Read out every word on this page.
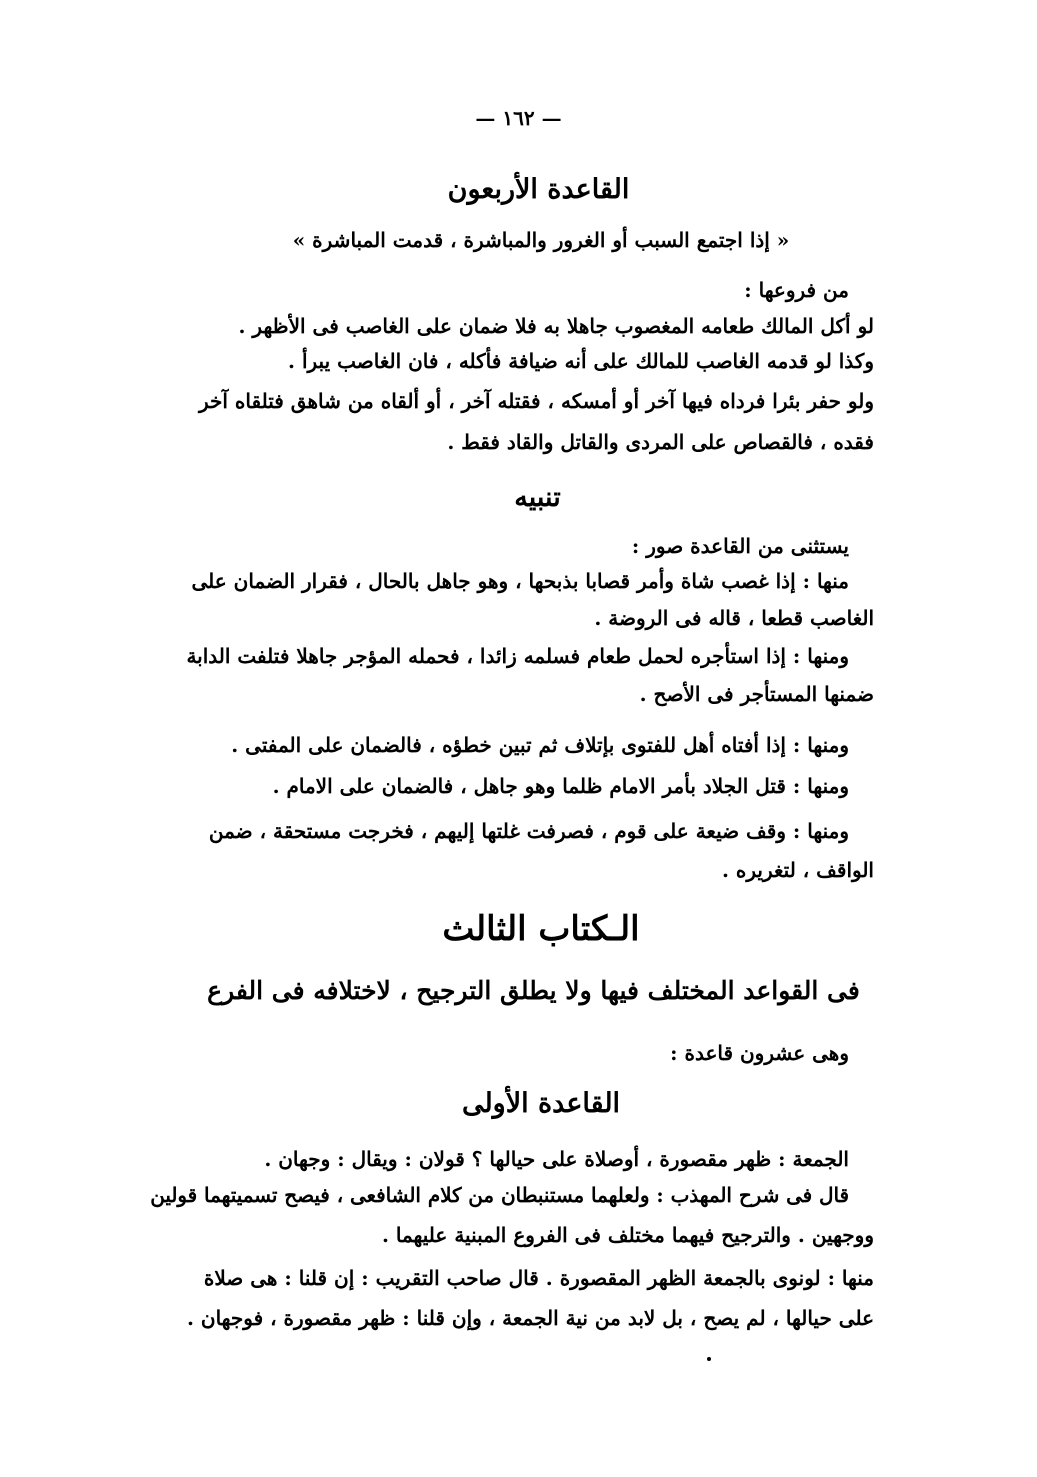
— ١٦٢ —
القاعدة الأربعون
« إذا اجتمع السبب أو الغرور والمباشرة ، قدمت المباشرة »
من فروعها :
لو أكل المالك طعامه المغصوب جاهلا به فلا ضمان على الغاصب فى الأظهر .
وكذا لو قدمه الغاصب للمالك على أنه ضيافة فأكله ، فان الغاصب يبرأ .
ولو حفر بئرا فرداه فيها آخر أو أمسكه ، فقتله آخر ، أو ألقاه من شاهق فتلقاه آخر
فقده ، فالقصاص على المردى والقاتل والقاد فقط .
تنبيه
يستثنى من القاعدة صور :
منها : إذا غصب شاة وأمر قصابا بذبحها ، وهو جاهل بالحال ، فقرار الضمان على
الغاصب قطعا ، قاله فى الروضة .
ومنها : إذا استأجره لحمل طعام فسلمه زائدا ، فحمله المؤجر جاهلا فتلفت الدابة
ضمنها المستأجر فى الأصح .
ومنها : إذا أفتاه أهل للفتوى بإتلاف ثم تبين خطؤه ، فالضمان على المفتى .
ومنها : قتل الجلاد بأمر الامام ظلما وهو جاهل ، فالضمان على الامام .
ومنها : وقف ضيعة على قوم ، فصرفت غلتها إليهم ، فخرجت مستحقة ، ضمن
الواقف ، لتغريره .
الـكتاب الثالث
فى القواعد المختلف فيها ولا يطلق الترجيح ، لاختلافه فى الفرع
وهى عشرون قاعدة :
القاعدة الأولى
الجمعة : ظهر مقصورة ، أوصلاة على حيالها ؟ قولان : ويقال : وجهان .
قال فى شرح المهذب : ولعلهما مستنبطان من كلام الشافعى ، فيصح تسميتهما قولين
ووجهين . والترجيح فيهما مختلف فى الفروع المبنية عليهما .
منها : لونوى بالجمعة الظهر المقصورة . قال صاحب التقريب : إن قلنا : هى صلاة
على حيالها ، لم يصح ، بل لابد من نية الجمعة ، وإن قلنا : ظهر مقصورة ، فوجهان .
